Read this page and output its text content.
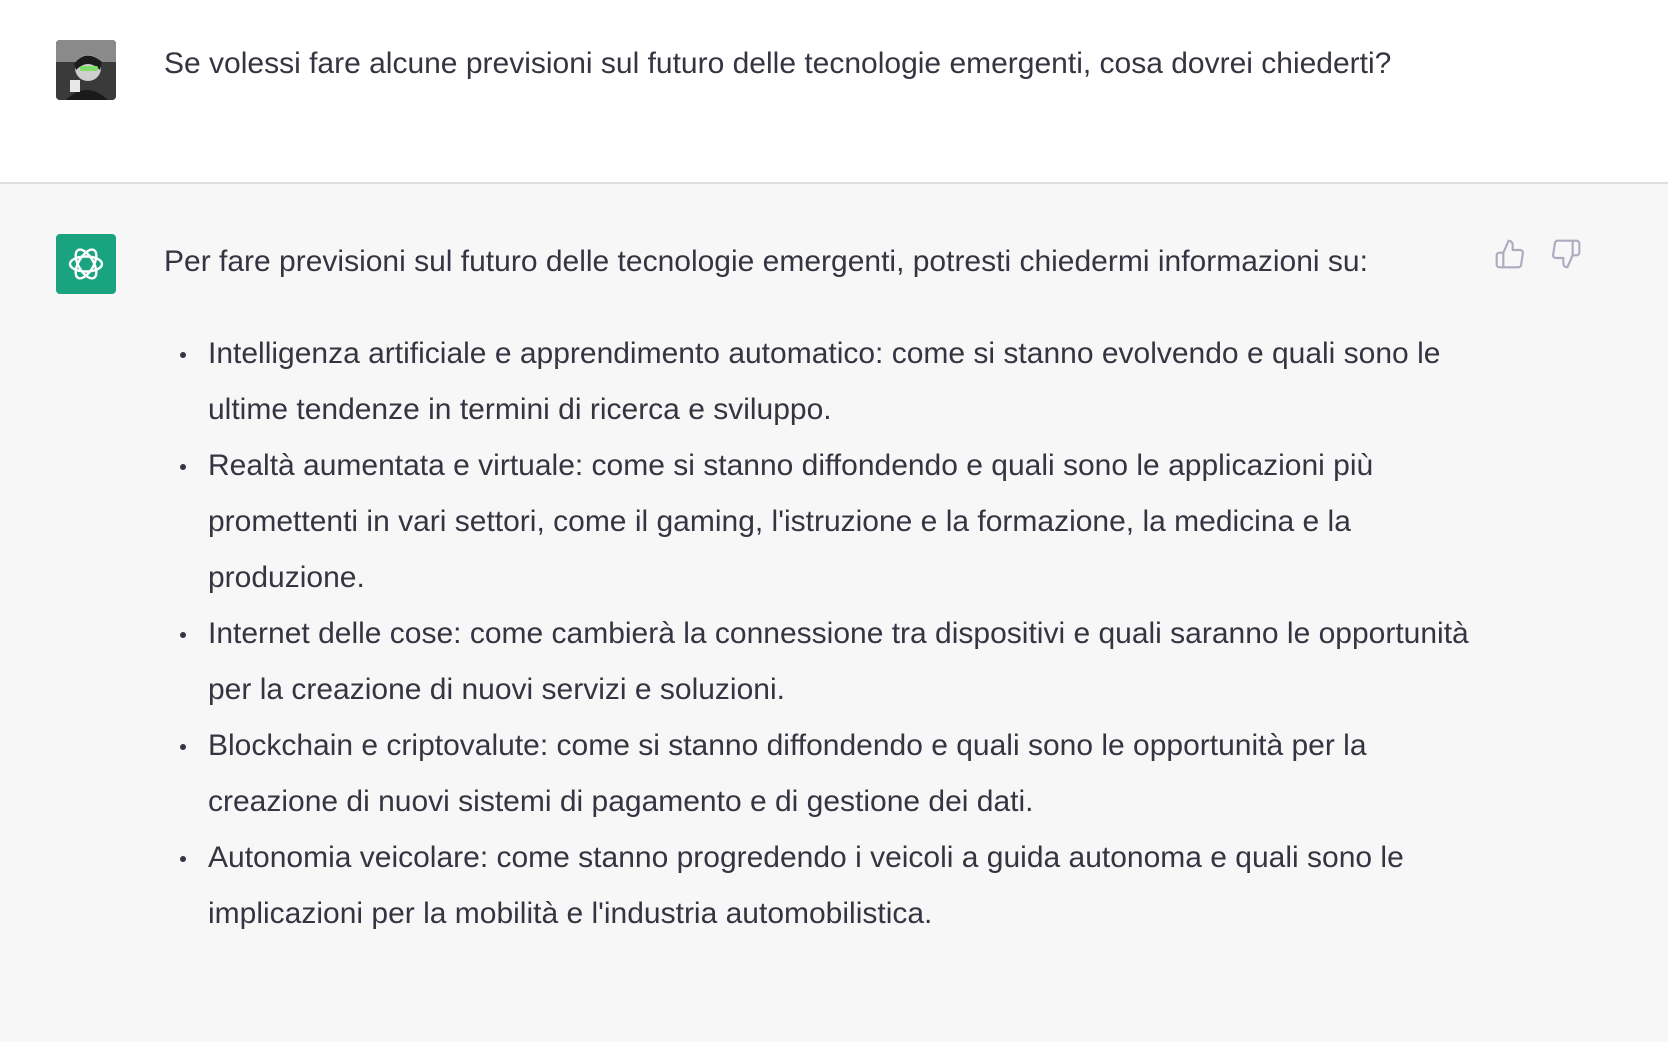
Se volessi fare alcune previsioni sul futuro delle tecnologie emergenti, cosa dovrei chiederti?

Per fare previsioni sul futuro delle tecnologie emergenti, potresti chiedermi informazioni su:

Intelligenza artificiale e apprendimento automatico: come si stanno evolvendo e quali sono le ultime tendenze in termini di ricerca e sviluppo.
Realtà aumentata e virtuale: come si stanno diffondendo e quali sono le applicazioni più promettenti in vari settori, come il gaming, l'istruzione e la formazione, la medicina e la produzione.
Internet delle cose: come cambierà la connessione tra dispositivi e quali saranno le opportunità per la creazione di nuovi servizi e soluzioni.
Blockchain e criptovalute: come si stanno diffondendo e quali sono le opportunità per la creazione di nuovi sistemi di pagamento e di gestione dei dati.
Autonomia veicolare: come stanno progredendo i veicoli a guida autonoma e quali sono le implicazioni per la mobilità e l'industria automobilistica.
